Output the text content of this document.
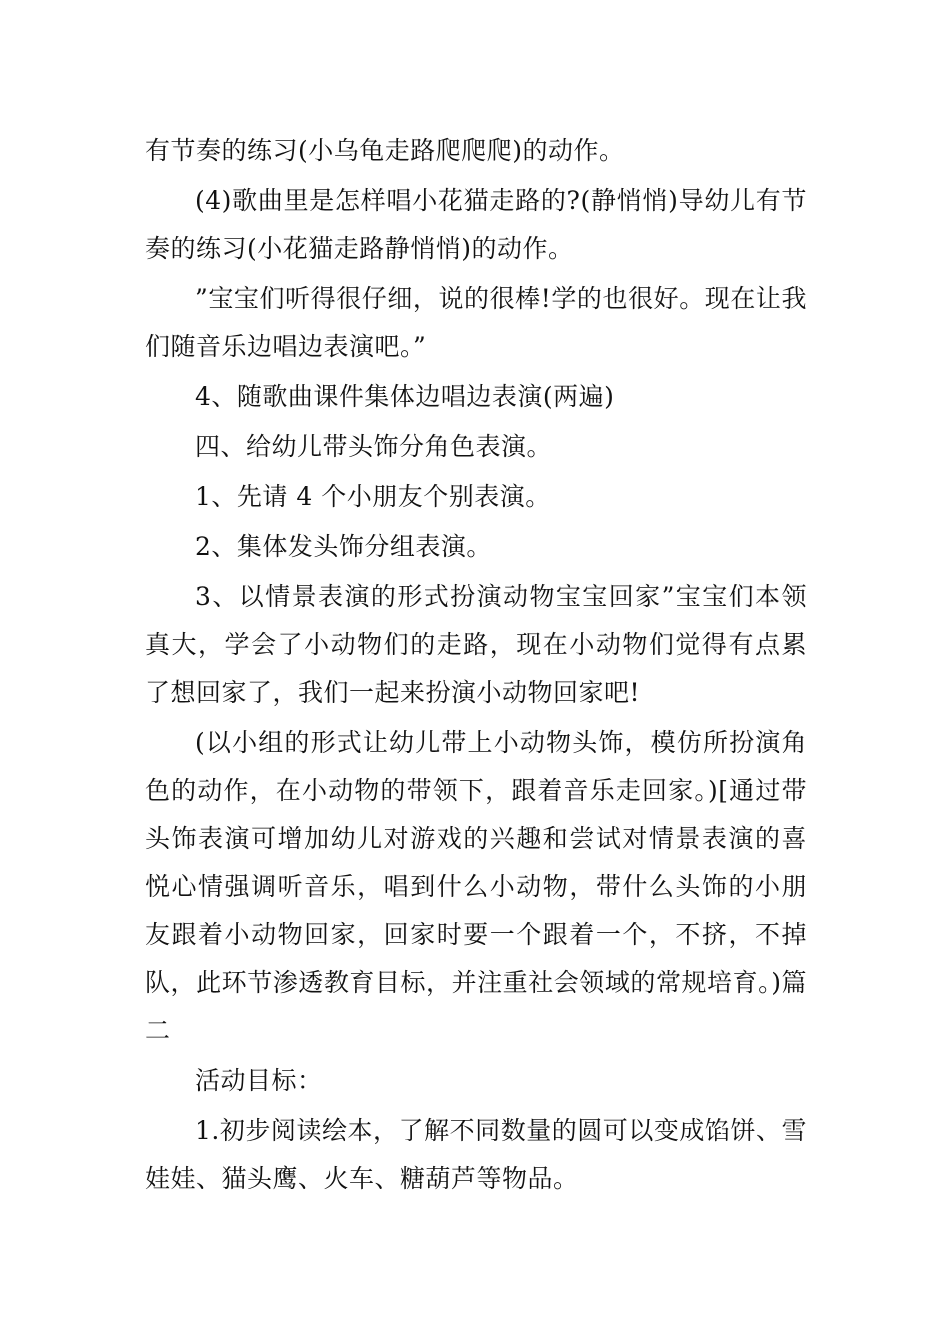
有节奏的练习(小乌龟走路爬爬爬)的动作。

(4)歌曲里是怎样唱小花猫走路的?(静悄悄)导幼儿有节奏的练习(小花猫走路静悄悄)的动作。

”宝宝们听得很仔细，说的很棒!学的也很好。现在让我们随音乐边唱边表演吧。”

4、随歌曲课件集体边唱边表演(两遍)

四、给幼儿带头饰分角色表演。

1、先请 4 个小朋友个别表演。

2、集体发头饰分组表演。

3、以情景表演的形式扮演动物宝宝回家”宝宝们本领真大，学会了小动物们的走路，现在小动物们觉得有点累了想回家了，我们一起来扮演小动物回家吧!

(以小组的形式让幼儿带上小动物头饰，模仿所扮演角色的动作，在小动物的带领下，跟着音乐走回家。)[通过带头饰表演可增加幼儿对游戏的兴趣和尝试对情景表演的喜悦心情强调听音乐，唱到什么小动物，带什么头饰的小朋友跟着小动物回家，回家时要一个跟着一个，不挤，不掉队，此环节渗透教育目标，并注重社会领域的常规培育。)篇二

活动目标：

1.初步阅读绘本，了解不同数量的圆可以变成馅饼、雪娃娃、猫头鹰、火车、糖葫芦等物品。
